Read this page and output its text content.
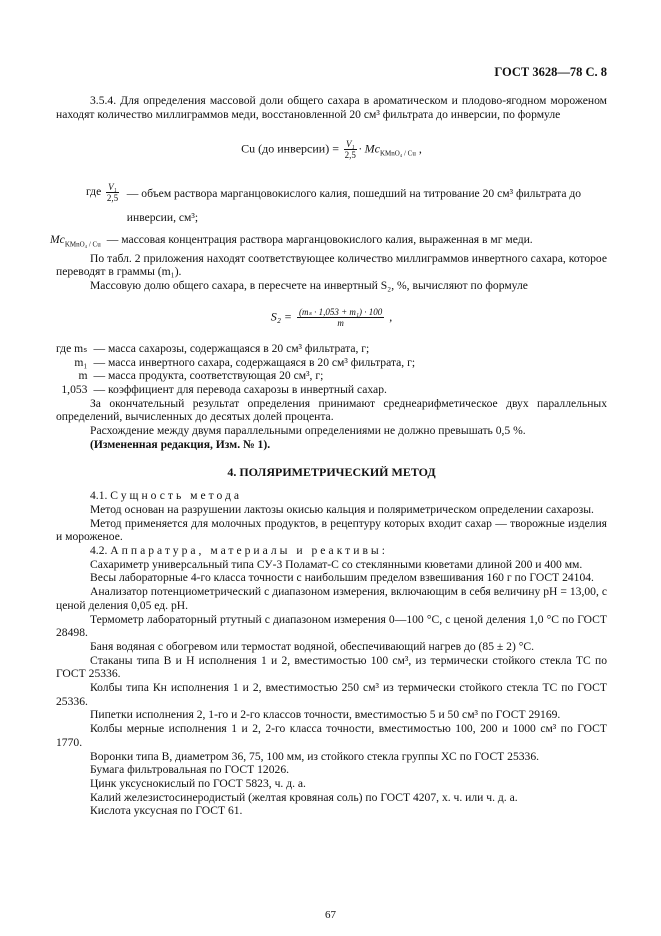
ГОСТ 3628—78 С. 8

3.5.4. Для определения массовой доли общего сахара в ароматическом и плодово-ягодном мороженом находят количество миллиграммов меди, восстановленной 20 см³ фильтрата до инверсии, по формуле

Cu (до инверсии) = $\frac{\text{V₁}}{2,5} \cdot Mc_{KMnO_4 / Cu}$ ,
где $\frac{\text{V₁}}{2,5}$ — объем раствора марганцовокислого калия, пошедший на титрование 20 см³ фильтрата до инверсии, см³;

$Mc_{KMnO_4 / Cu}$ — массовая концентрация раствора марганцовокислого калия, выраженная в мг меди.

По табл. 2 приложения находят соответствующее количество миллиграммов инвертного сахара, которое переводят в граммы (m₁).

Массовую долю общего сахара, в пересчете на инвертный S₂, %, вычисляют по формуле

$S_2 = \frac{\text{(mₛ · 1,053 + m₁) · 100}}{m}$ ,
где mₛ — масса сахарозы, содержащаяся в 20 см³ фильтрата, г;
m₁ — масса инвертного сахара, содержащаяся в 20 см³ фильтрата, г;
m — масса продукта, соответствующая 20 см³, г;
1,053 — коэффициент для перевода сахарозы в инвертный сахар.

За окончательный результат определения принимают среднеарифметическое двух параллельных определений, вычисленных до десятых долей процента.

Расхождение между двумя параллельными определениями не должно превышать 0,5 %.

(Измененная редакция, Изм. № 1).

4. ПОЛЯРИМЕТРИЧЕСКИЙ МЕТОД

4.1. Сущность метода

Метод основан на разрушении лактозы окисью кальция и поляриметрическом определении сахарозы.

Метод применяется для молочных продуктов, в рецептуру которых входит сахар — творожные изделия и мороженое.

4.2. Аппаратура, материалы и реактивы:

Сахариметр универсальный типа СУ-3 Поламат-С со стеклянными кюветами длиной 200 и 400 мм.

Весы лабораторные 4-го класса точности с наибольшим пределом взвешивания 160 г по ГОСТ 24104.

Анализатор потенциометрический с диапазоном измерения, включающим в себя величину pH = 13,00, с ценой деления 0,05 ед. pH.

Термометр лабораторный ртутный с диапазоном измерения 0—100 °С, с ценой деления 1,0 °С по ГОСТ 28498.

Баня водяная с обогревом или термостат водяной, обеспечивающий нагрев до (85 ± 2) °С.

Стаканы типа В и Н исполнения 1 и 2, вместимостью 100 см³, из термически стойкого стекла ТС по ГОСТ 25336.

Колбы типа Кн исполнения 1 и 2, вместимостью 250 см³ из термически стойкого стекла ТС по ГОСТ 25336.

Пипетки исполнения 2, 1-го и 2-го классов точности, вместимостью 5 и 50 см³ по ГОСТ 29169.

Колбы мерные исполнения 1 и 2, 2-го класса точности, вместимостью 100, 200 и 1000 см³ по ГОСТ 1770.

Воронки типа В, диаметром 36, 75, 100 мм, из стойкого стекла группы ХС по ГОСТ 25336.

Бумага фильтровальная по ГОСТ 12026.

Цинк уксуснокислый по ГОСТ 5823, ч. д. а.

Калий железистосинеродистый (желтая кровяная соль) по ГОСТ 4207, х. ч. или ч. д. а.

Кислота уксусная по ГОСТ 61.

67
